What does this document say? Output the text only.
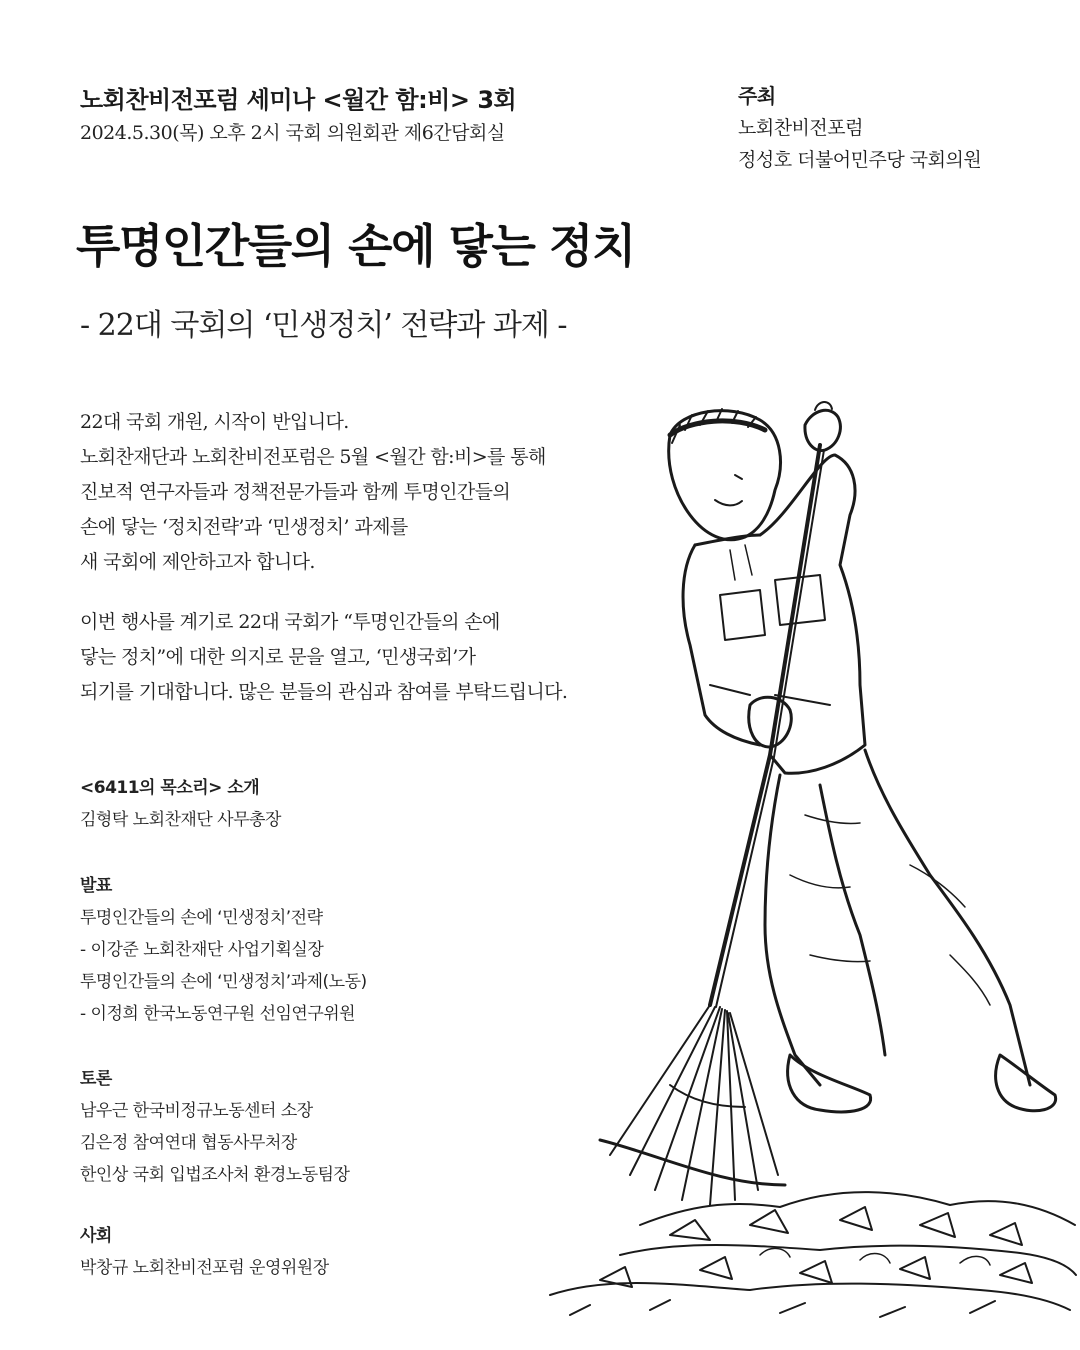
노회찬비전포럼 세미나 <월간 함:비> 3회
2024.5.30(목) 오후 2시 국회 의원회관 제6간담회실
주최
노회찬비전포럼
정성호 더불어민주당 국회의원
투명인간들의 손에 닿는 정치
- 22대 국회의 ‘민생정치’ 전략과 과제 -
22대 국회 개원, 시작이 반입니다.
노회찬재단과 노회찬비전포럼은 5월 <월간 함:비>를 통해
진보적 연구자들과 정책전문가들과 함께 투명인간들의
손에 닿는 ‘정치전략’과 ‘민생정치’ 과제를
새 국회에 제안하고자 합니다.
이번 행사를 계기로 22대 국회가 “투명인간들의 손에
닿는 정치”에 대한 의지로 문을 열고, ‘민생국회’가
되기를 기대합니다. 많은 분들의 관심과 참여를 부탁드립니다.
<6411의 목소리> 소개
김형탁 노회찬재단 사무총장
발표
투명인간들의 손에 ‘민생정치’전략
- 이강준 노회찬재단 사업기획실장
투명인간들의 손에 ‘민생정치’과제(노동)
- 이정희 한국노동연구원 선임연구위원
토론
남우근 한국비정규노동센터 소장
김은정 참여연대 협동사무처장
한인상 국회 입법조사처 환경노동팀장
사회
박창규 노회찬비전포럼 운영위원장
